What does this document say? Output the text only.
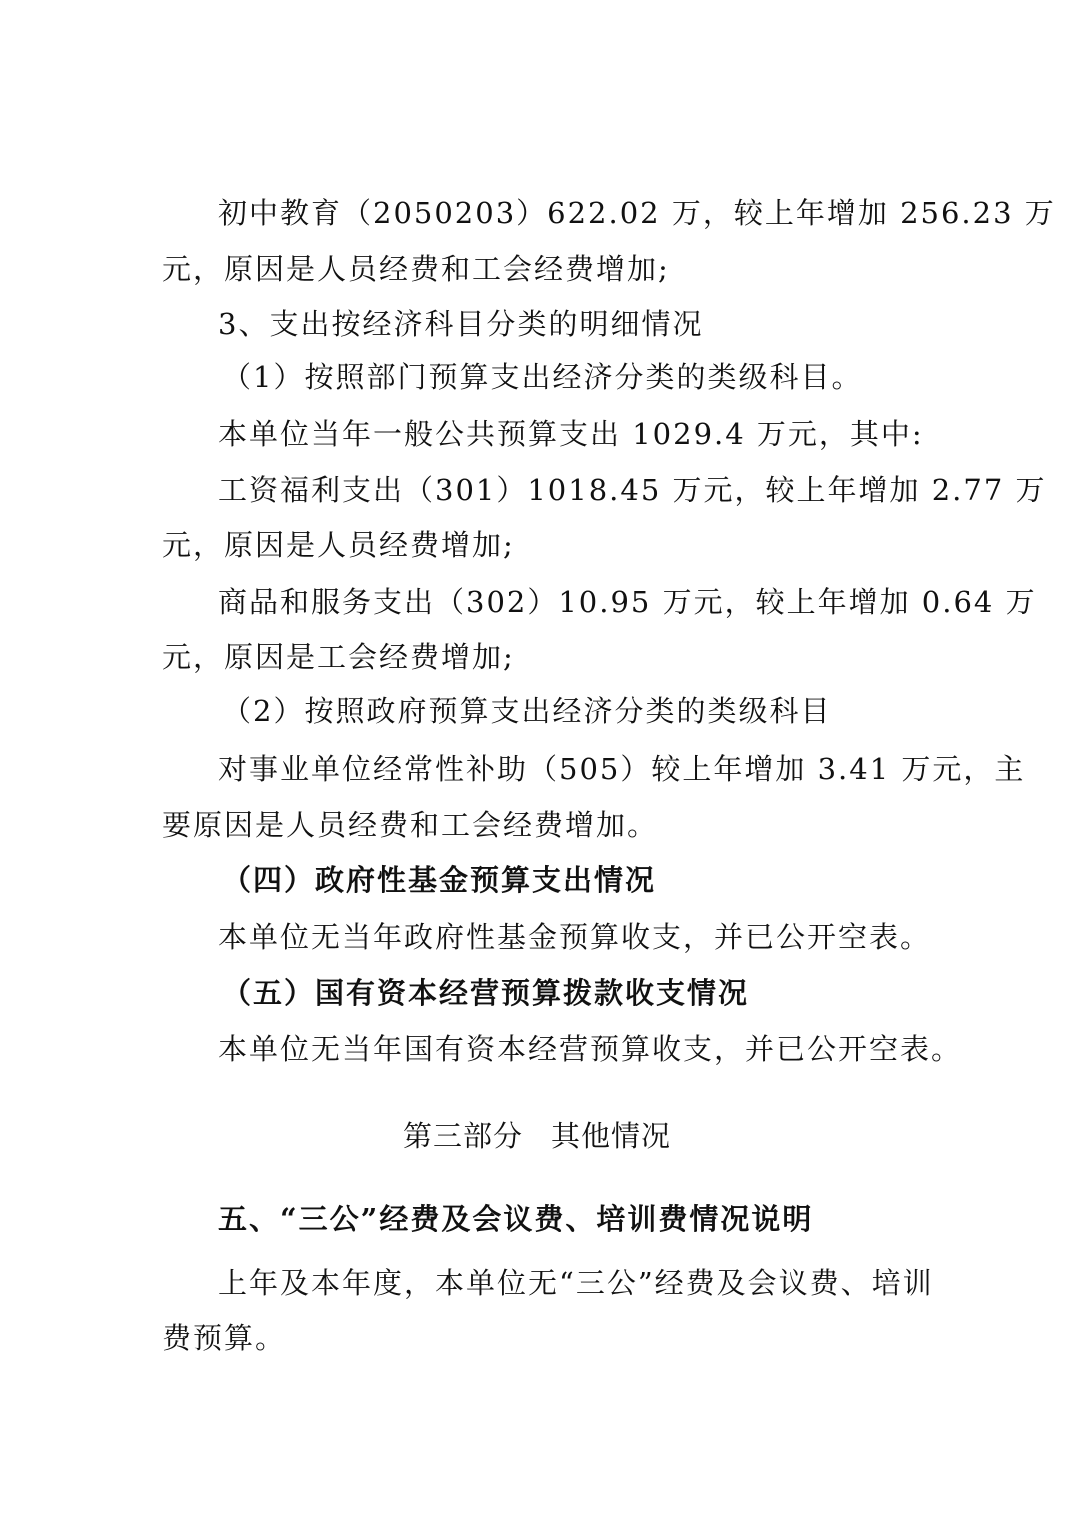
初中教育（2050203）622.02 万，较上年增加 256.23 万
元，原因是人员经费和工会经费增加;
3、支出按经济科目分类的明细情况
（1）按照部门预算支出经济分类的类级科目。
本单位当年一般公共预算支出 1029.4 万元，其中:
工资福利支出（301）1018.45 万元，较上年增加 2.77 万
元，原因是人员经费增加;
商品和服务支出（302）10.95 万元，较上年增加 0.64 万
元，原因是工会经费增加;
（2）按照政府预算支出经济分类的类级科目
对事业单位经常性补助（505）较上年增加 3.41 万元，主
要原因是人员经费和工会经费增加。
（四）政府性基金预算支出情况
本单位无当年政府性基金预算收支，并已公开空表。
（五）国有资本经营预算拨款收支情况
本单位无当年国有资本经营预算收支，并已公开空表。
第三部分 其他情况
五、“三公”经费及会议费、培训费情况说明
上年及本年度，本单位无“三公”经费及会议费、培训
费预算。
